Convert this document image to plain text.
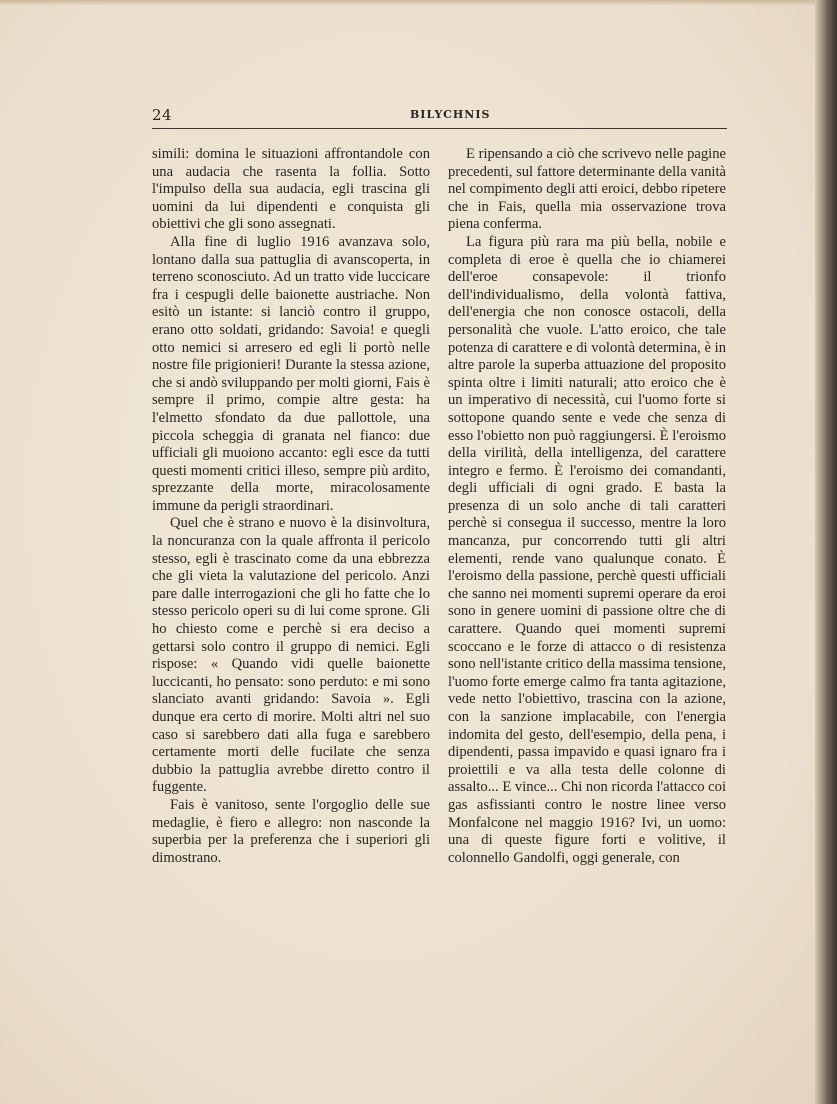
24	BILYCHNIS

simili: domina le situazioni affrontandole con una audacia che rasenta la follia. Sotto l'impulso della sua audacia, egli trascina gli uomini da lui dipendenti e conquista gli obiettivi che gli sono assegnati.

Alla fine di luglio 1916 avanzava solo, lontano dalla sua pattuglia di avanscoperta, in terreno sconosciuto. Ad un tratto vide luccicare fra i cespugli delle baionette austriache. Non esitò un istante: si lanciò contro il gruppo, erano otto soldati, gridando: Savoia! e quegli otto nemici si arresero ed egli li portò nelle nostre file prigionieri! Durante la stessa azione, che si andò sviluppando per molti giorni, Fais è sempre il primo, compie altre gesta: ha l'elmetto sfondato da due pallottole, una piccola scheggia di granata nel fianco: due ufficiali gli muoiono accanto: egli esce da tutti questi momenti critici illeso, sempre più ardito, sprezzante della morte, miracolosamente immune da perigli straordinari.

Quel che è strano e nuovo è la disinvoltura, la noncuranza con la quale affronta il pericolo stesso, egli è trascinato come da una ebbrezza che gli vieta la valutazione del pericolo. Anzi pare dalle interrogazioni che gli ho fatte che lo stesso pericolo operi su di lui come sprone. Gli ho chiesto come e perchè si era deciso a gettarsi solo contro il gruppo di nemici. Egli rispose: « Quando vidi quelle baionette luccicanti, ho pensato: sono perduto: e mi sono slanciato avanti gridando: Savoia ». Egli dunque era certo di morire. Molti altri nel suo caso si sarebbero dati alla fuga e sarebbero certamente morti delle fucilate che senza dubbio la pattuglia avrebbe diretto contro il fuggente.

Fais è vanitoso, sente l'orgoglio delle sue medaglie, è fiero e allegro: non nasconde la superbia per la preferenza che i superiori gli dimostrano.

E ripensando a ciò che scrivevo nelle pagine precedenti, sul fattore determinante della vanità nel compimento degli atti eroici, debbo ripetere che in Fais, quella mia osservazione trova piena conferma.

La figura più rara ma più bella, nobile e completa di eroe è quella che io chiamerei dell'eroe consapevole: il trionfo dell'individualismo, della volontà fattiva, dell'energia che non conosce ostacoli, della personalità che vuole. L'atto eroico, che tale potenza di carattere e di volontà determina, è in altre parole la superba attuazione del proposito spinta oltre i limiti naturali; atto eroico che è un imperativo di necessità, cui l'uomo forte si sottopone quando sente e vede che senza di esso l'obietto non può raggiungersi. È l'eroismo della virilità, della intelligenza, del carattere integro e fermo. È l'eroismo dei comandanti, degli ufficiali di ogni grado. E basta la presenza di un solo anche di tali caratteri perchè si consegua il successo, mentre la loro mancanza, pur concorrendo tutti gli altri elementi, rende vano qualunque conato. È l'eroismo della passione, perchè questi ufficiali che sanno nei momenti supremi operare da eroi sono in genere uomini di passione oltre che di carattere. Quando quei momenti supremi scoccano e le forze di attacco o di resistenza sono nell'istante critico della massima tensione, l'uomo forte emerge calmo fra tanta agitazione, vede netto l'obiettivo, trascina con la azione, con la sanzione implacabile, con l'energia indomita del gesto, dell'esempio, della pena, i dipendenti, passa impavido e quasi ignaro fra i proiettili e va alla testa delle colonne di assalto... E vince... Chi non ricorda l'attacco coi gas asfissianti contro le nostre linee verso Monfalcone nel maggio 1916? Ivi, un uomo: una di queste figure forti e volitive, il colonnello Gandolfi, oggi generale, con
